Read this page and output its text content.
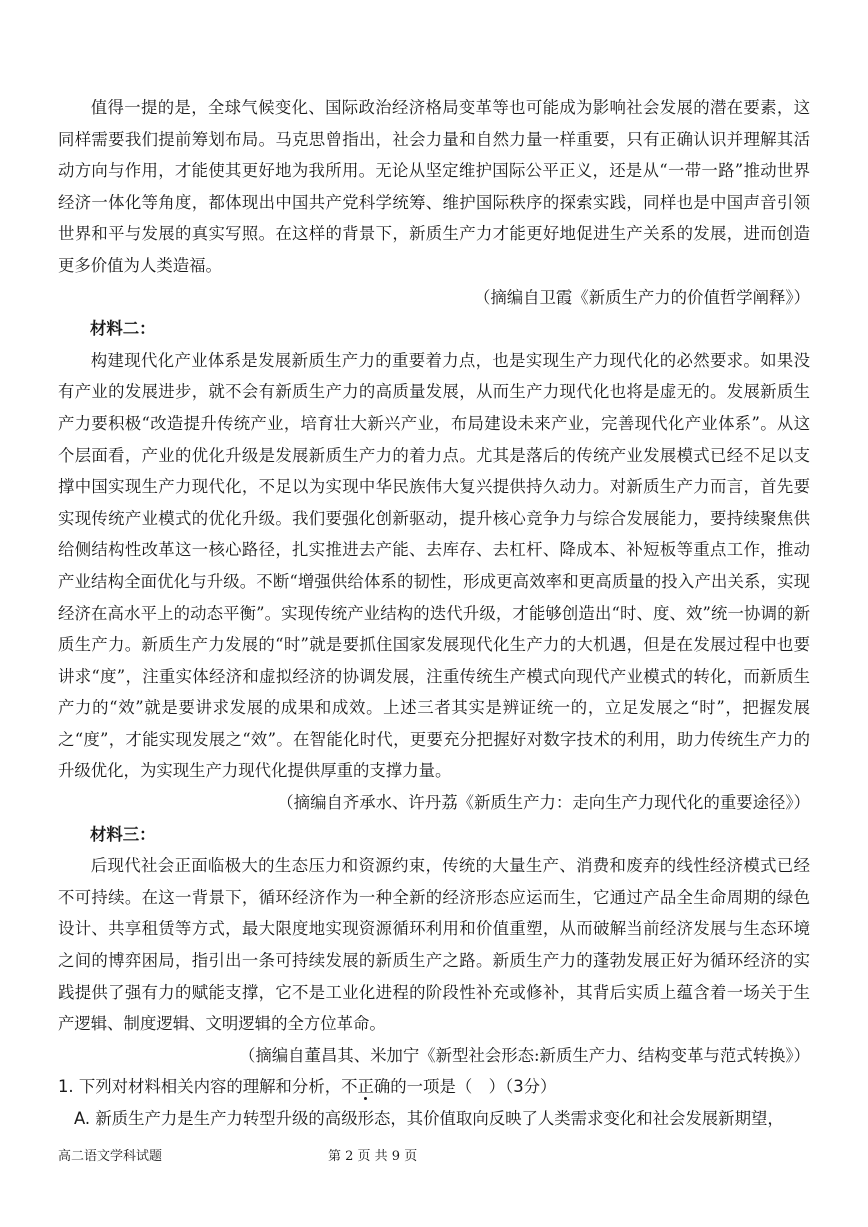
值得一提的是，全球气候变化、国际政治经济格局变革等也可能成为影响社会发展的潜在要素，这同样需要我们提前筹划布局。马克思曾指出，社会力量和自然力量一样重要，只有正确认识并理解其活动方向与作用，才能使其更好地为我所用。无论从坚定维护国际公平正义，还是从“一带一路”推动世界经济一体化等角度，都体现出中国共产党科学统筹、维护国际秩序的探索实践，同样也是中国声音引领世界和平与发展的真实写照。在这样的背景下，新质生产力才能更好地促进生产关系的发展，进而创造更多价值为人类造福。

（摘编自卫霞《新质生产力的价值哲学阐释》）

材料二：

构建现代化产业体系是发展新质生产力的重要着力点，也是实现生产力现代化的必然要求。如果没有产业的发展进步，就不会有新质生产力的高质量发展，从而生产力现代化也将是虚无的。发展新质生产力要积极“改造提升传统产业，培育壮大新兴产业，布局建设未来产业，完善现代化产业体系”。从这个层面看，产业的优化升级是发展新质生产力的着力点。尤其是落后的传统产业发展模式已经不足以支撑中国实现生产力现代化，不足以为实现中华民族伟大复兴提供持久动力。对新质生产力而言，首先要实现传统产业模式的优化升级。我们要强化创新驱动，提升核心竞争力与综合发展能力，要持续聚焦供给侧结构性改革这一核心路径，扎实推进去产能、去库存、去杠杆、降成本、补短板等重点工作，推动产业结构全面优化与升级。不断“增强供给体系的韧性，形成更高效率和更高质量的投入产出关系，实现经济在高水平上的动态平衡”。实现传统产业结构的迭代升级，才能够创造出“时、度、效”统一协调的新质生产力。新质生产力发展的“时”就是要抓住国家发展现代化生产力的大机遇，但是在发展过程中也要讲求“度”，注重实体经济和虚拟经济的协调发展，注重传统生产模式向现代产业模式的转化，而新质生产力的“效”就是要讲求发展的成果和成效。上述三者其实是辨证统一的，立足发展之“时”，把握发展之“度”，才能实现发展之“效”。在智能化时代，更要充分把握好对数字技术的利用，助力传统生产力的升级优化，为实现生产力现代化提供厚重的支撑力量。

（摘编自齐承水、许丹荔《新质生产力：走向生产力现代化的重要途径》）

材料三：

后现代社会正面临极大的生态压力和资源约束，传统的大量生产、消费和废弃的线性经济模式已经不可持续。在这一背景下，循环经济作为一种全新的经济形态应运而生，它通过产品全生命周期的绿色设计、共享租赁等方式，最大限度地实现资源循环利用和价值重塑，从而破解当前经济发展与生态环境之间的博弈困局，指引出一条可持续发展的新质生产之路。新质生产力的蓬勃发展正好为循环经济的实践提供了强有力的赋能支撑，它不是工业化进程的阶段性补充或修补，其背后实质上蕴含着一场关于生产逻辑、制度逻辑、文明逻辑的全方位革命。

（摘编自董昌其、米加宁《新型社会形态:新质生产力、结构变革与范式转换》）

1. 下列对材料相关内容的理解和分析，不正确的一项是（　）（3分）

A. 新质生产力是生产力转型升级的高级形态，其价值取向反映了人类需求变化和社会发展新期望，

高二语文学科试题	第 2 页 共 9 页
